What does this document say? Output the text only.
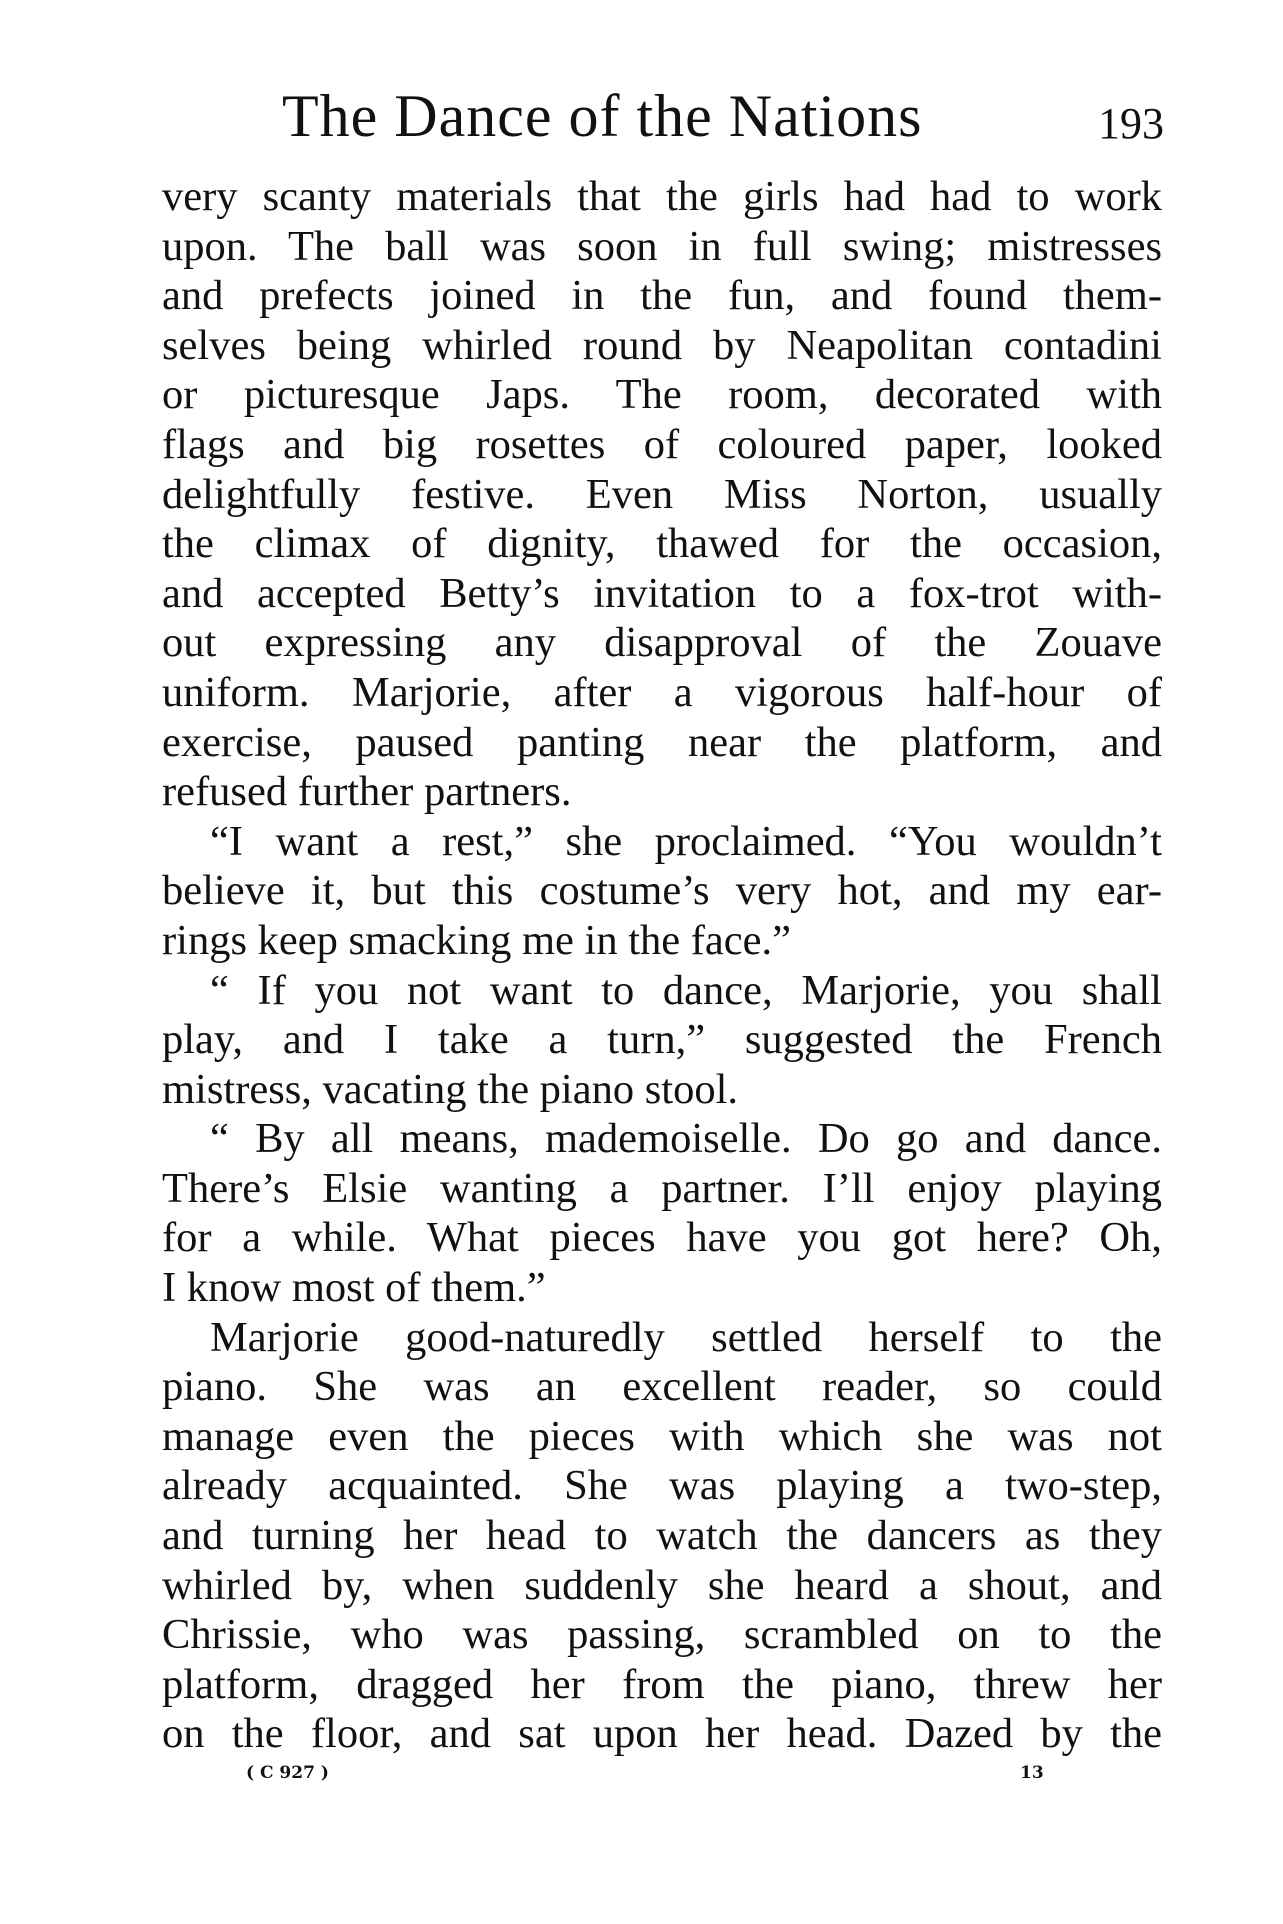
The Dance of the Nations	193
very scanty materials that the girls had had to work
upon. The ball was soon in full swing; mistresses
and prefects joined in the fun, and found them-
selves being whirled round by Neapolitan contadini
or picturesque Japs. The room, decorated with
flags and big rosettes of coloured paper, looked
delightfully festive. Even Miss Norton, usually
the climax of dignity, thawed for the occasion,
and accepted Betty’s invitation to a fox-trot with-
out expressing any disapproval of the Zouave
uniform. Marjorie, after a vigorous half-hour of
exercise, paused panting near the platform, and
refused further partners.
“I want a rest,” she proclaimed. “You wouldn’t
believe it, but this costume’s very hot, and my ear-
rings keep smacking me in the face.”
“ If you not want to dance, Marjorie, you shall
play, and I take a turn,” suggested the French
mistress, vacating the piano stool.
“ By all means, mademoiselle. Do go and dance.
There’s Elsie wanting a partner. I’ll enjoy playing
for a while. What pieces have you got here? Oh,
I know most of them.”
Marjorie good-naturedly settled herself to the
piano. She was an excellent reader, so could
manage even the pieces with which she was not
already acquainted. She was playing a two-step,
and turning her head to watch the dancers as they
whirled by, when suddenly she heard a shout, and
Chrissie, who was passing, scrambled on to the
platform, dragged her from the piano, threw her
on the floor, and sat upon her head. Dazed by the
( C 927 )	13
